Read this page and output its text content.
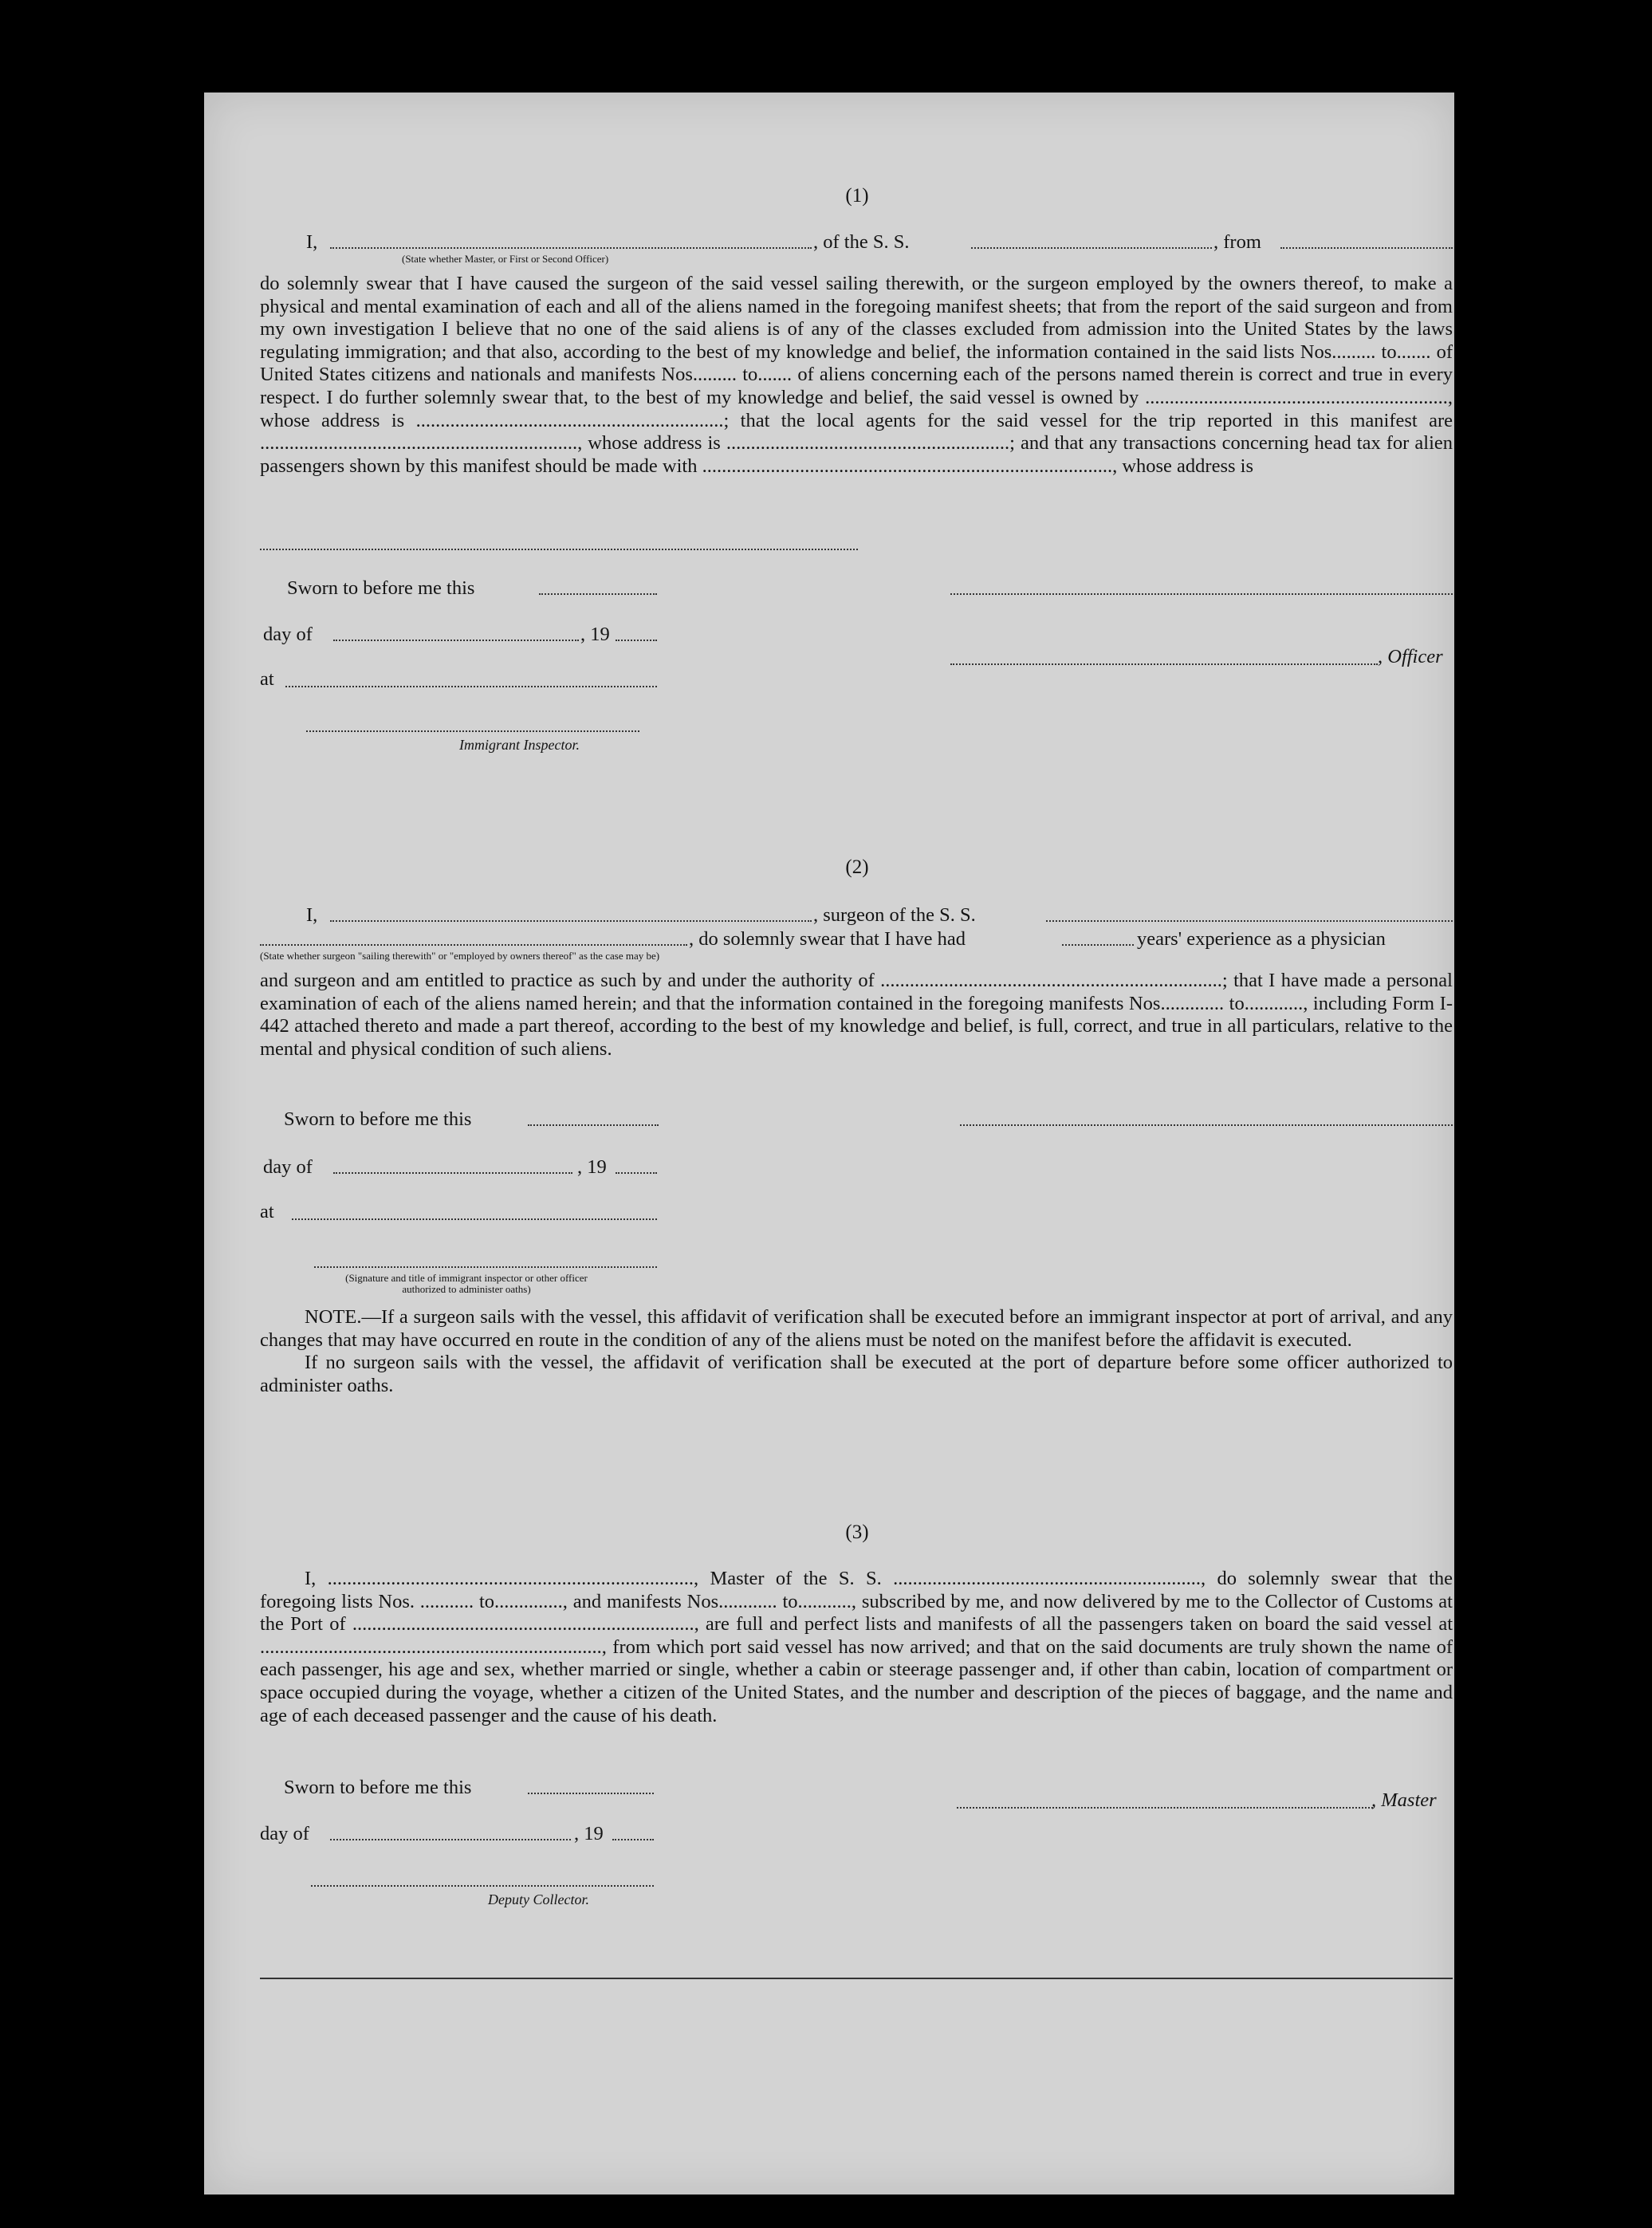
(1)
I,	, of the S. S.	, from
(State whether Master, or First or Second Officer)

do solemnly swear that I have caused the surgeon of the said vessel sailing therewith, or the surgeon employed by the owners thereof, to make a physical and mental examination of each and all of the aliens named in the foregoing manifest sheets; that from the report of the said surgeon and from my own investigation I believe that no one of the said aliens is of any of the classes excluded from admission into the United States by the laws regulating immigration; and that also, according to the best of my knowledge and belief, the information contained in the said lists Nos......... to....... of United States citizens and nationals and manifests Nos......... to....... of aliens concerning each of the persons named therein is correct and true in every respect. I do further solemnly swear that, to the best of my knowledge and belief, the said vessel is owned by .............................................................., whose address is ...............................................................; that the local agents for the said vessel for the trip reported in this manifest are ................................................................., whose address is ..........................................................; and that any transactions concerning head tax for alien passengers shown by this manifest should be made with ...................................................................................., whose address is

Sworn to before me this
day of	, 19
, Officer
at
Immigrant Inspector.
(2)
I,	, surgeon of the S. S.
, do solemnly swear that I have had	years' experience as a physician
(State whether surgeon "sailing therewith" or "employed by owners thereof" as the case may be)

and surgeon and am entitled to practice as such by and under the authority of ......................................................................; that I have made a personal examination of each of the aliens named herein; and that the information contained in the foregoing manifests Nos............. to............, including Form I-442 attached thereto and made a part thereof, according to the best of my knowledge and belief, is full, correct, and true in all particulars, relative to the mental and physical condition of such aliens.

Sworn to before me this
day of	, 19
at
(Signature and title of immigrant inspector or other officer authorized to administer oaths)

NOTE.—If a surgeon sails with the vessel, this affidavit of verification shall be executed before an immigrant inspector at port of arrival, and any changes that may have occurred en route in the condition of any of the aliens must be noted on the manifest before the affidavit is executed.

If no surgeon sails with the vessel, the affidavit of verification shall be executed at the port of departure before some officer authorized to administer oaths.

(3)

I, ..........................................................................., Master of the S. S. ..............................................................., do solemnly swear that the foregoing lists Nos. ........... to.............., and manifests Nos............ to..........., subscribed by me, and now delivered by me to the Collector of Customs at the Port of ......................................................................, are full and perfect lists and manifests of all the passengers taken on board the said vessel at ......................................................................, from which port said vessel has now arrived; and that on the said documents are truly shown the name of each passenger, his age and sex, whether married or single, whether a cabin or steerage passenger and, if other than cabin, location of compartment or space occupied during the voyage, whether a citizen of the United States, and the number and description of the pieces of baggage, and the name and age of each deceased passenger and the cause of his death.

Sworn to before me this
, Master
day of	, 19
Deputy Collector.
